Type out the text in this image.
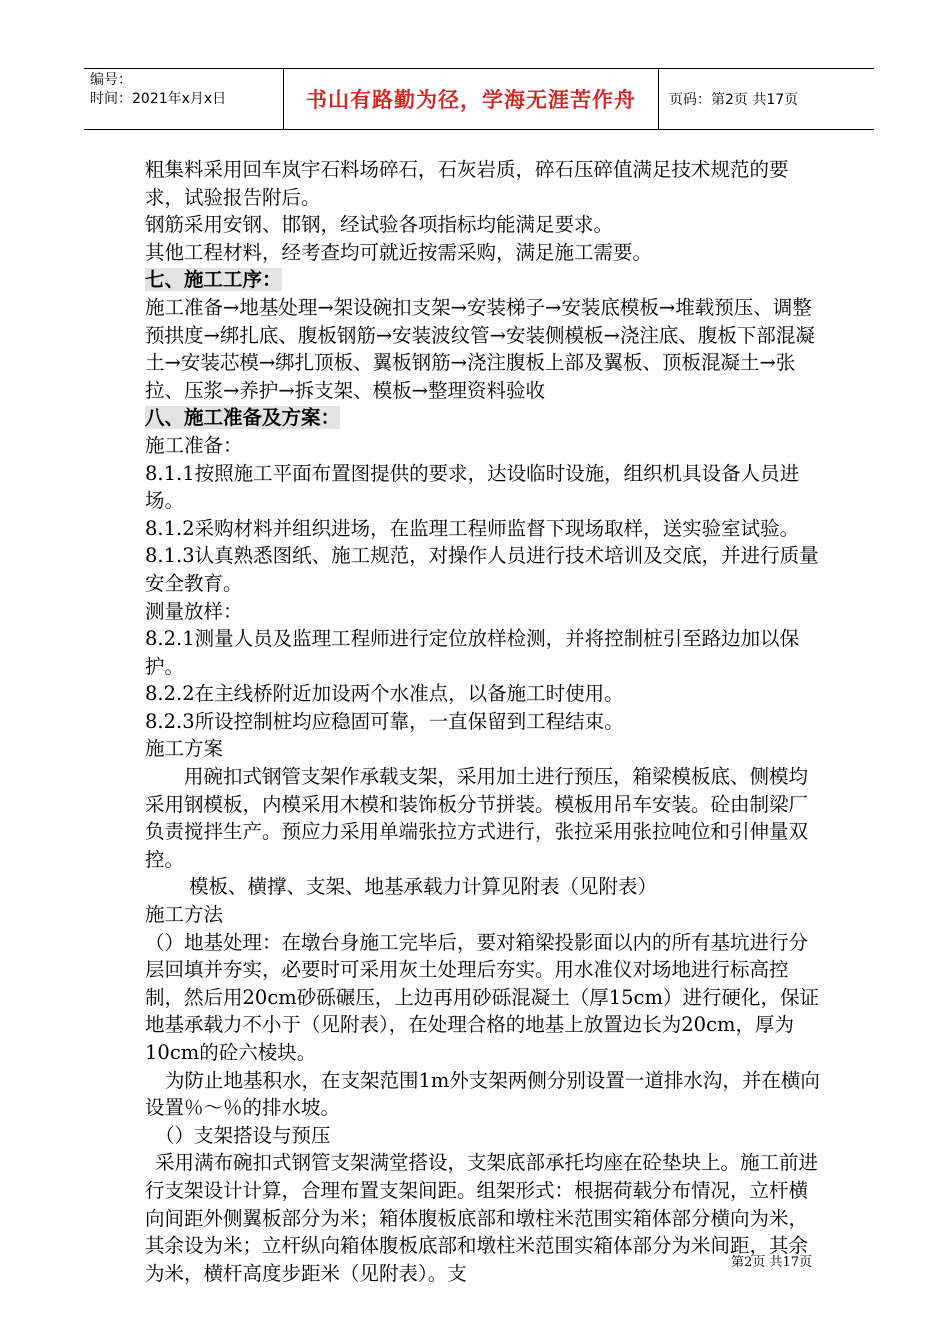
编号：
时间：2021年x月x日	书山有路勤为径，学海无涯苦作舟	页码：第2页 共17页

粗集料采用回车岚宇石料场碎石，石灰岩质，碎石压碎值满足技术规范的要求，试验报告附后。

钢筋采用安钢、邯钢，经试验各项指标均能满足要求。

其他工程材料，经考查均可就近按需采购，满足施工需要。

七、施工工序：

施工准备→地基处理→架设碗扣支架→安装梯子→安装底模板→堆载预压、调整预拱度→绑扎底、腹板钢筋→安装波纹管→安装侧模板→浇注底、腹板下部混凝土→安装芯模→绑扎顶板、翼板钢筋→浇注腹板上部及翼板、顶板混凝土→张拉、压浆→养护→拆支架、模板→整理资料验收

八、施工准备及方案：

施工准备：

8.1.1按照施工平面布置图提供的要求，达设临时设施，组织机具设备人员进场。

8.1.2采购材料并组织进场，在监理工程师监督下现场取样，送实验室试验。

8.1.3认真熟悉图纸、施工规范，对操作人员进行技术培训及交底，并进行质量安全教育。

测量放样：

8.2.1测量人员及监理工程师进行定位放样检测，并将控制桩引至路边加以保护。

8.2.2在主线桥附近加设两个水准点，以备施工时使用。

8.2.3所设控制桩均应稳固可靠，一直保留到工程结束。

施工方案

用碗扣式钢管支架作承载支架，采用加土进行预压，箱梁模板底、侧模均采用钢模板，内模采用木模和装饰板分节拼装。模板用吊车安装。砼由制梁厂负责搅拌生产。预应力采用单端张拉方式进行，张拉采用张拉吨位和引伸量双控。

模板、横撑、支架、地基承载力计算见附表（见附表）

施工方法

（）地基处理：在墩台身施工完毕后，要对箱梁投影面以内的所有基坑进行分层回填并夯实，必要时可采用灰土处理后夯实。用水准仪对场地进行标高控制，然后用20cm砂砾碾压，上边再用砂砾混凝土（厚15cm）进行硬化，保证地基承载力不小于（见附表），在处理合格的地基上放置边长为20cm，厚为10cm的砼六棱块。

为防止地基积水，在支架范围1m外支架两侧分别设置一道排水沟，并在横向设置％～％的排水坡。

（）支架搭设与预压

采用满布碗扣式钢管支架满堂搭设，支架底部承托均座在砼垫块上。施工前进行支架设计计算，合理布置支架间距。组架形式：根据荷载分布情况，立杆横向间距外侧翼板部分为米；箱体腹板底部和墩柱米范围实箱体部分横向为米，其余设为米；立杆纵向箱体腹板底部和墩柱米范围实箱体部分为米间距，其余为米，横杆高度步距米（见附表）。支	第2页 共17页
